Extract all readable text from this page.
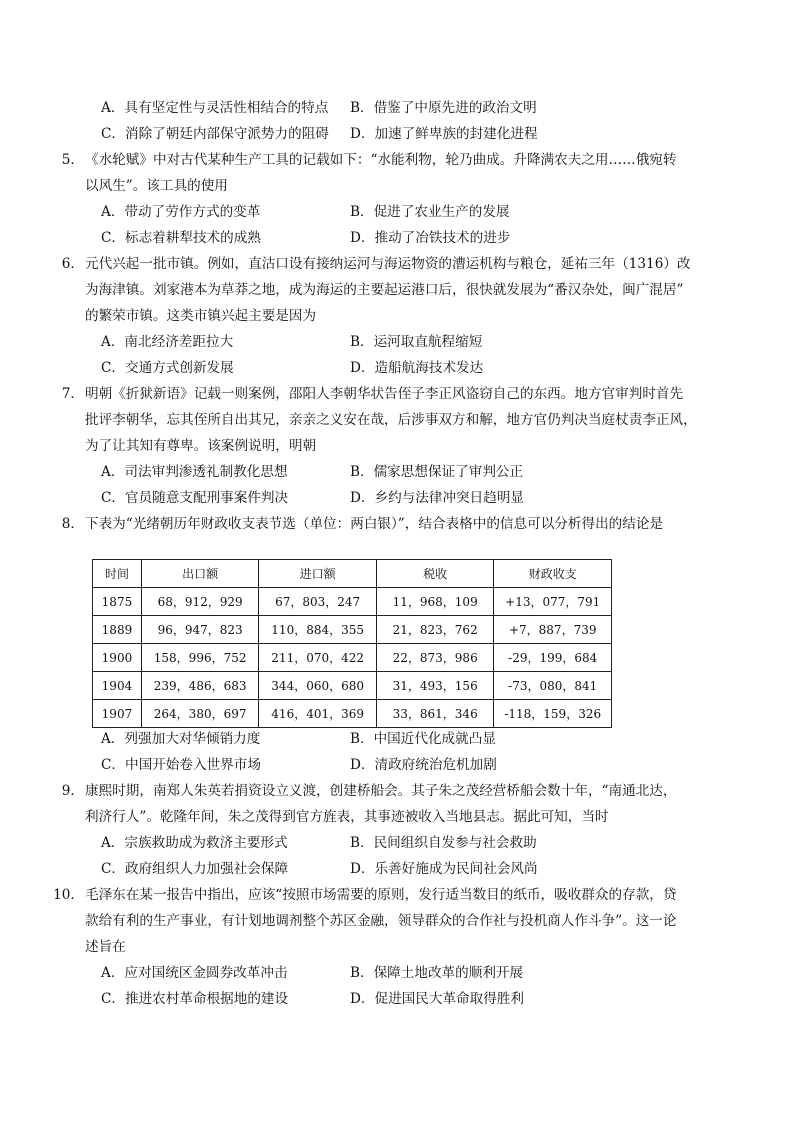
A．具有坚定性与灵活性相结合的特点 B．借鉴了中原先进的政治文明
C．消除了朝廷内部保守派势力的阻碍 D．加速了鲜卑族的封建化进程
5． 《水轮赋》中对古代某种生产工具的记载如下：“水能利物，轮乃曲成。升降满农夫之用……俄宛转
以风生”。该工具的使用
A．带动了劳作方式的变革	B．促进了农业生产的发展
C．标志着耕犁技术的成熟	D．推动了冶铁技术的进步
6． 元代兴起一批市镇。例如，直沽口设有接纳运河与海运物资的漕运机构与粮仓，延祐三年（1316）改
为海津镇。刘家港本为草莽之地，成为海运的主要起运港口后，很快就发展为“番汉杂处，闽广混居”
的繁荣市镇。这类市镇兴起主要是因为
A．南北经济差距拉大	B．运河取直航程缩短
C．交通方式创新发展	D．造船航海技术发达
7． 明朝《折狱新语》记载一则案例，邵阳人李朝华状告侄子李正风盗窃自己的东西。地方官审判时首先
批评李朝华，忘其侄所自出其兄，亲亲之义安在哉，后涉事双方和解，地方官仍判决当庭杖责李正风，
为了让其知有尊卑。该案例说明，明朝
A．司法审判渗透礼制教化思想	B．儒家思想保证了审判公正
C．官员随意支配刑事案件判决	D．乡约与法律冲突日趋明显
8． 下表为“光绪朝历年财政收支表节选（单位：两白银）”，结合表格中的信息可以分析得出的结论是
时间	出口额	进口额	税收	财政收支
1875	68，912，929	67，803，247	11，968，109	+13，077，791
1889	96，947，823	110，884，355	21，823，762	+7，887，739
1900	158，996，752	211，070，422	22，873，986	-29，199，684
1904	239，486，683	344，060，680	31，493，156	-73，080，841
1907	264，380，697	416，401，369	33，861，346	-118，159，326
A．列强加大对华倾销力度	B．中国近代化成就凸显
C．中国开始卷入世界市场	D．清政府统治危机加剧
9． 康熙时期，南郑人朱英若捐资设立义渡，创建桥船会。其子朱之茂经营桥船会数十年，“南通北达，
利济行人”。乾隆年间，朱之茂得到官方旌表，其事迹被收入当地县志。据此可知，当时
A．宗族救助成为救济主要形式	B．民间组织自发参与社会救助
C．政府组织人力加强社会保障	D．乐善好施成为民间社会风尚
10． 毛泽东在某一报告中指出，应该“按照市场需要的原则，发行适当数目的纸币，吸收群众的存款，贷
款给有利的生产事业，有计划地调剂整个苏区金融，领导群众的合作社与投机商人作斗争”。这一论
述旨在
A．应对国统区金圆券改革冲击	B．保障土地改革的顺利开展
C．推进农村革命根据地的建设	D．促进国民大革命取得胜利
